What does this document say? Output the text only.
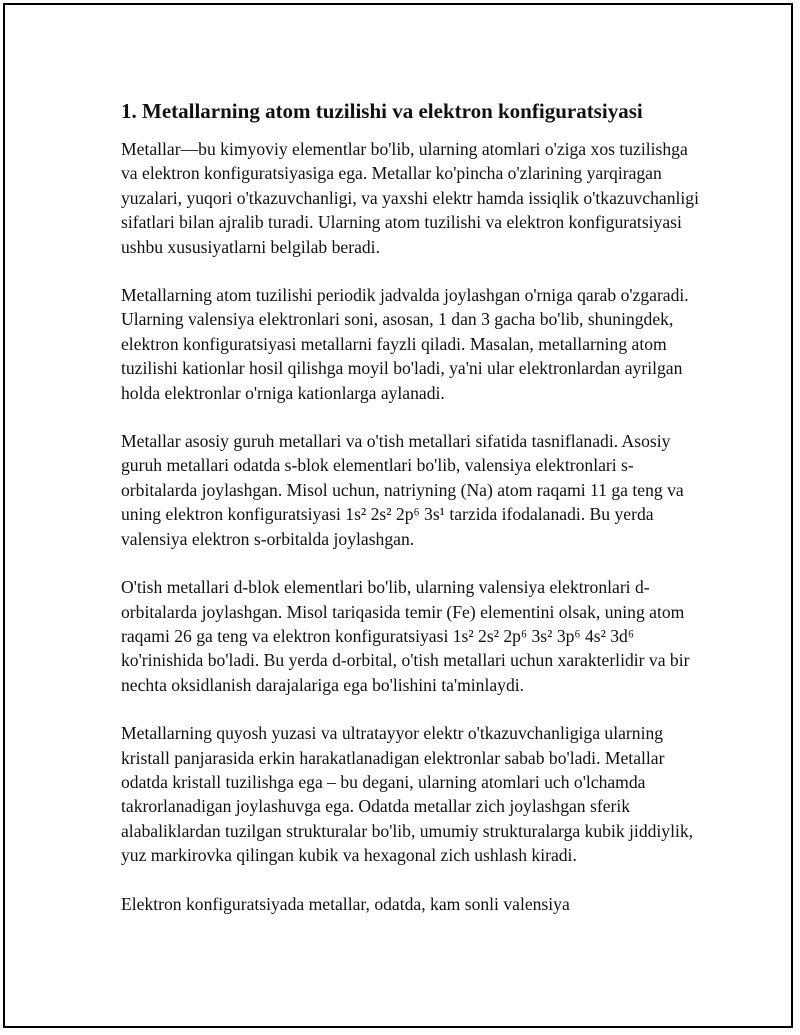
1. Metallarning atom tuzilishi va elektron konfiguratsiyasi

Metallar—bu kimyoviy elementlar bo'lib, ularning atomlari o'ziga xos tuzilishga va elektron konfiguratsiyasiga ega. Metallar ko'pincha o'zlarining yarqiragan yuzalari, yuqori o'tkazuvchanligi, va yaxshi elektr hamda issiqlik o'tkazuvchanligi sifatlari bilan ajralib turadi. Ularning atom tuzilishi va elektron konfiguratsiyasi ushbu xususiyatlarni belgilab beradi.

Metallarning atom tuzilishi periodik jadvalda joylashgan o'rniga qarab o'zgaradi. Ularning valensiya elektronlari soni, asosan, 1 dan 3 gacha bo'lib, shuningdek, elektron konfiguratsiyasi metallarni fayzli qiladi. Masalan, metallarning atom tuzilishi kationlar hosil qilishga moyil bo'ladi, ya'ni ular elektronlardan ayrilgan holda elektronlar o'rniga kationlarga aylanadi.

Metallar asosiy guruh metallari va o'tish metallari sifatida tasniflanadi. Asosiy guruh metallari odatda s-blok elementlari bo'lib, valensiya elektronlari s-orbitalarda joylashgan. Misol uchun, natriyning (Na) atom raqami 11 ga teng va uning elektron konfiguratsiyasi 1s² 2s² 2p⁶ 3s¹ tarzida ifodalanadi. Bu yerda valensiya elektron s-orbitalda joylashgan.

O'tish metallari d-blok elementlari bo'lib, ularning valensiya elektronlari d-orbitalarda joylashgan. Misol tariqasida temir (Fe) elementini olsak, uning atom raqami 26 ga teng va elektron konfiguratsiyasi 1s² 2s² 2p⁶ 3s² 3p⁶ 4s² 3d⁶ ko'rinishida bo'ladi. Bu yerda d-orbital, o'tish metallari uchun xarakterlidir va bir nechta oksidlanish darajalariga ega bo'lishini ta'minlaydi.

Metallarning quyosh yuzasi va ultratayyor elektr o'tkazuvchanligiga ularning kristall panjarasida erkin harakatlanadigan elektronlar sabab bo'ladi. Metallar odatda kristall tuzilishga ega – bu degani, ularning atomlari uch o'lchamda takrorlanadigan joylashuvga ega. Odatda metallar zich joylashgan sferik alabaliklardan tuzilgan strukturalar bo'lib, umumiy strukturalarga kubik jiddiylik, yuz markirovka qilingan kubik va hexagonal zich ushlash kiradi.

Elektron konfiguratsiyada metallar, odatda, kam sonli valensiya
